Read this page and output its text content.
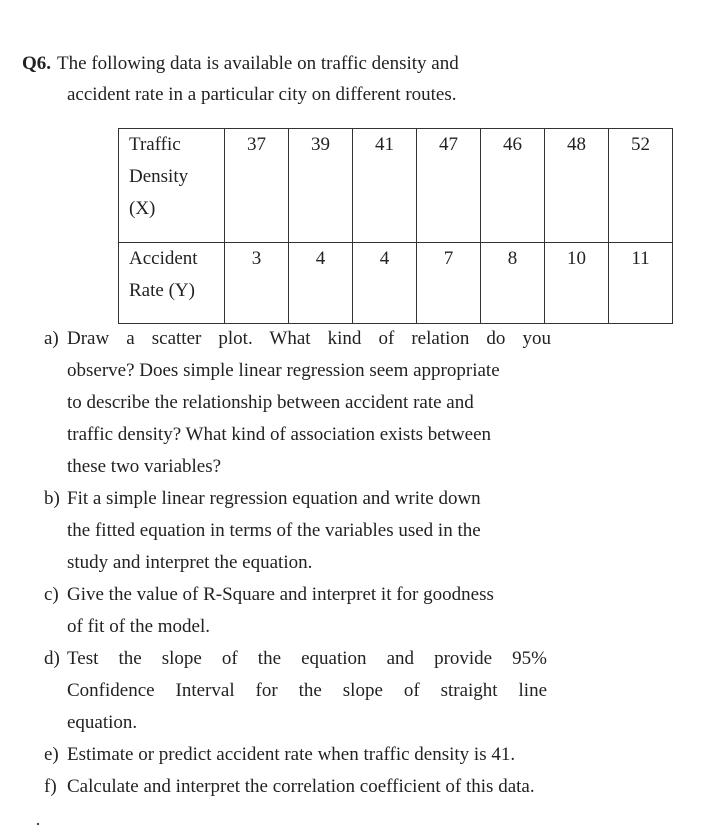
Q6. The following data is available on traffic density and
accident rate in a particular city on different routes.
Traffic
Density
(X)	37	39	41	47	46	48	52

Accident
Rate (Y)	3	4	4	7	8	10	11
a) Draw a scatter plot. What kind of relation do you
observe? Does simple linear regression seem appropriate
to describe the relationship between accident rate and
traffic density? What kind of association exists between
these two variables?
b) Fit a simple linear regression equation and write down
the fitted equation in terms of the variables used in the
study and interpret the equation.
c) Give the value of R-Square and interpret it for goodness
of fit of the model.
d) Test the slope of the equation and provide 95%
Confidence Interval for the slope of straight line
equation.
e) Estimate or predict accident rate when traffic density is 41.
f) Calculate and interpret the correlation coefficient of this data.
